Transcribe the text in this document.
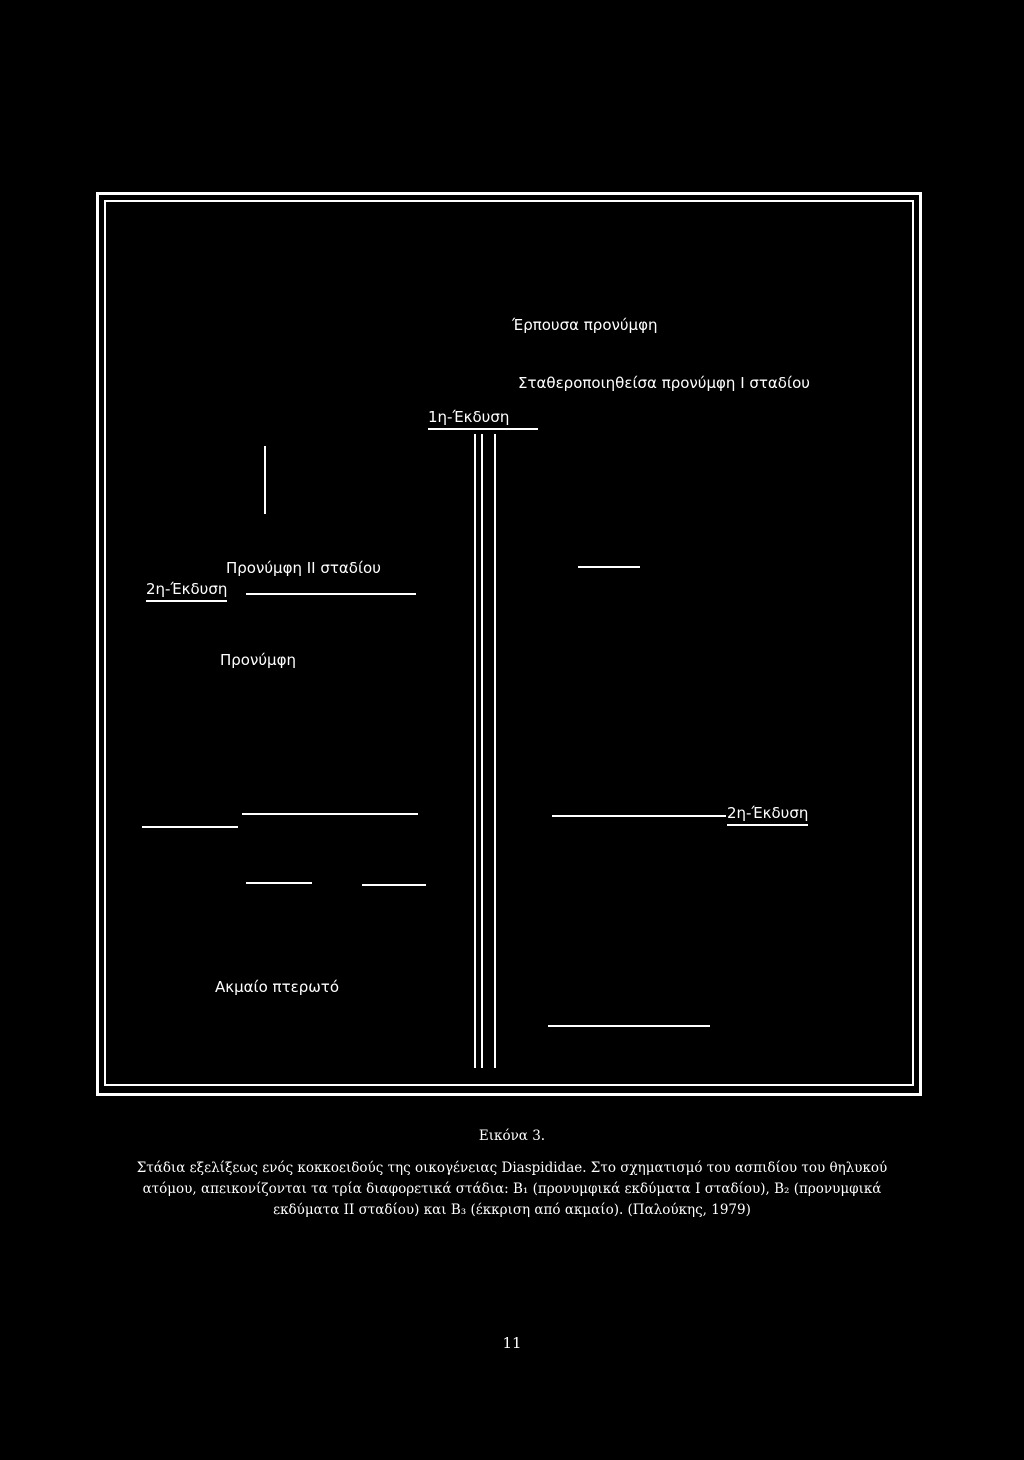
Έρπουσα προνύμφη
Σταθεροποιηθείσα προνύμφη Ι σταδίου
1η-Έκδυση
Προνύμφη ΙΙ σταδίου
2η-Έκδυση
Προνύμφη
2η-Έκδυση
Ακμαίο πτερωτό
Εικόνα 3.
Στάδια εξελίξεως ενός κοκκοειδούς της οικογένειας Diaspididae. Στο σχηματισμό του ασπιδίου του θηλυκού ατόμου, απεικονίζονται τα τρία διαφορετικά στάδια: B₁ (προνυμφικά εκδύματα Ι σταδίου), B₂ (προνυμφικά εκδύματα ΙΙ σταδίου) και B₃ (έκκριση από ακμαίο). (Παλούκης, 1979)
11
